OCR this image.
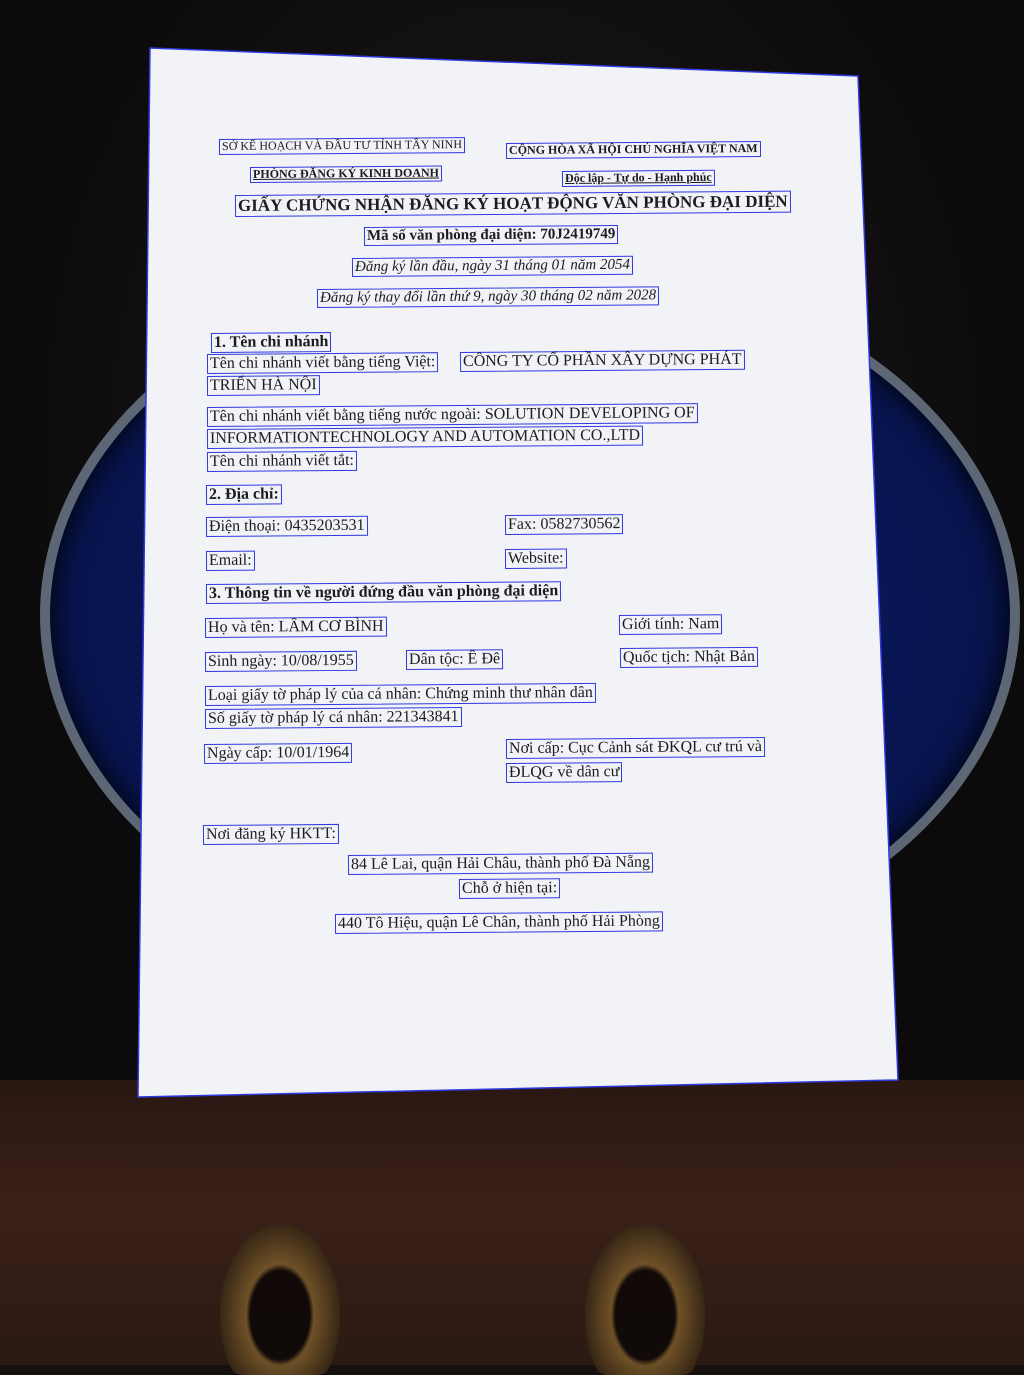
SỞ KẾ HOẠCH VÀ ĐẦU TƯ TỈNH TÂY NINH
PHÒNG ĐĂNG KÝ KINH DOANH
CỘNG HÒA XÃ HỘI CHỦ NGHĨA VIỆT NAM
Độc lập - Tự do - Hạnh phúc
GIẤY CHỨNG NHẬN ĐĂNG KÝ HOẠT ĐỘNG VĂN PHÒNG ĐẠI DIỆN
Mã số văn phòng đại diện: 70J2419749
Đăng ký lần đầu, ngày 31 tháng 01 năm 2054
Đăng ký thay đổi lần thứ 9, ngày 30 tháng 02 năm 2028
1. Tên chi nhánh
Tên chi nhánh viết bằng tiếng Việt: CÔNG TY CỔ PHẦN XÂY DỰNG PHÁT
TRIỂN HÀ NỘI
Tên chi nhánh viết bằng tiếng nước ngoài: SOLUTION DEVELOPING OF
INFORMATIONTECHNOLOGY AND AUTOMATION CO.,LTD
Tên chi nhánh viết tắt:
2. Địa chỉ:
Điện thoại: 0435203531	Fax: 0582730562
Email:	Website:
3. Thông tin về người đứng đầu văn phòng đại diện
Họ và tên: LÂM CƠ BÌNH	Giới tính: Nam
Sinh ngày: 10/08/1955	Dân tộc: Ê Đê	Quốc tịch: Nhật Bản
Loại giấy tờ pháp lý của cá nhân: Chứng minh thư nhân dân
Số giấy tờ pháp lý cá nhân: 221343841
Ngày cấp: 10/01/1964	Nơi cấp: Cục Cảnh sát ĐKQL cư trú và
ĐLQG về dân cư
Nơi đăng ký HKTT:
84 Lê Lai, quận Hải Châu, thành phố Đà Nẵng
Chỗ ở hiện tại:
440 Tô Hiệu, quận Lê Chân, thành phố Hải Phòng
